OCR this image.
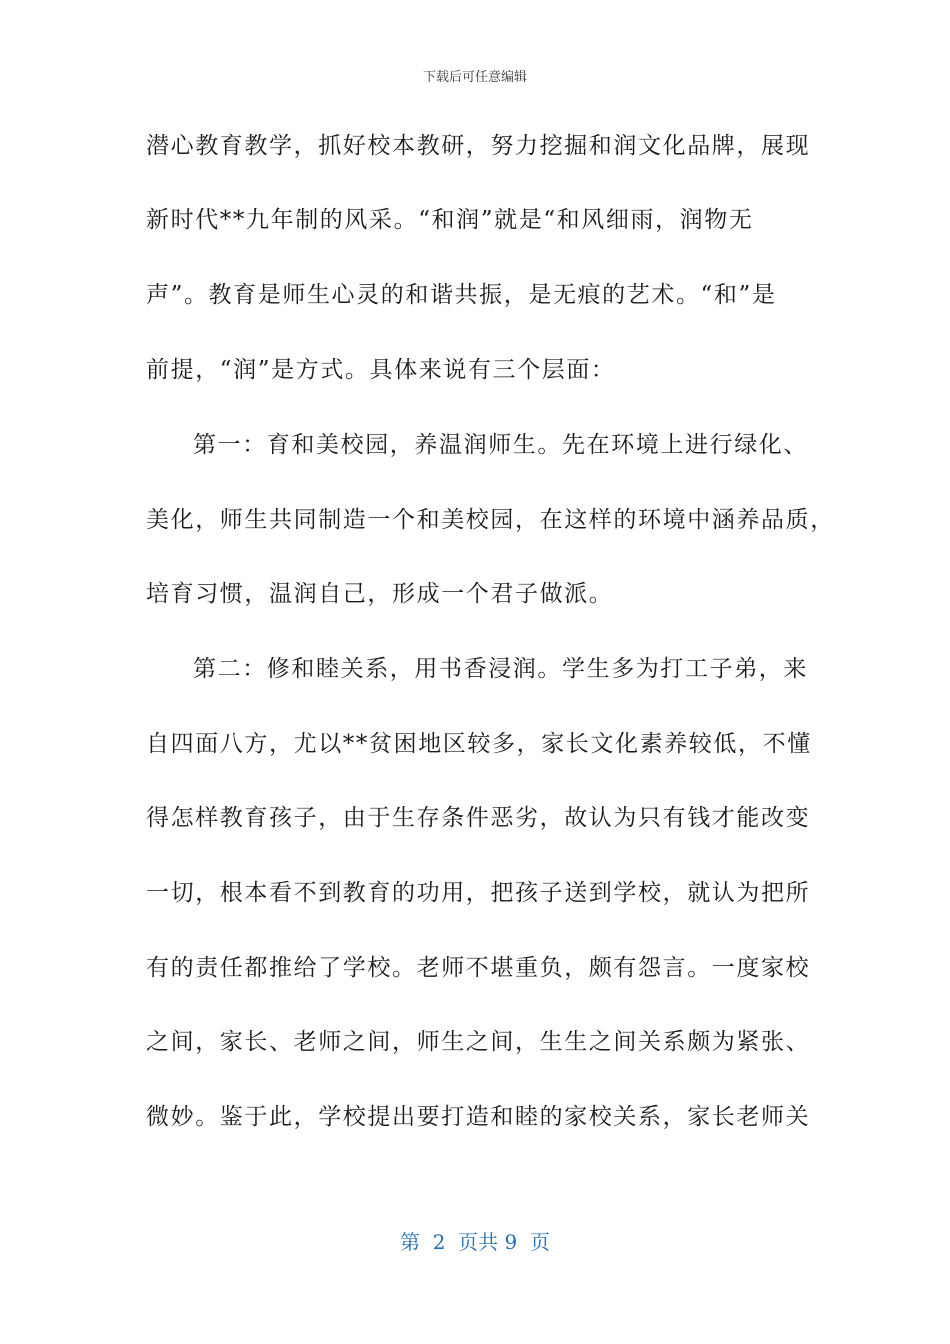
下载后可任意编辑
潜心教育教学，抓好校本教研，努力挖掘和润文化品牌，展现
新时代**九年制的风采。“和润”就是“和风细雨，润物无
声”。教育是师生心灵的和谐共振，是无痕的艺术。“和”是
前提，“润”是方式。具体来说有三个层面：
第一：育和美校园，养温润师生。先在环境上进行绿化、
美化，师生共同制造一个和美校园，在这样的环境中涵养品质，
培育习惯，温润自己，形成一个君子做派。
第二：修和睦关系，用书香浸润。学生多为打工子弟，来
自四面八方，尤以**贫困地区较多，家长文化素养较低，不懂
得怎样教育孩子，由于生存条件恶劣，故认为只有钱才能改变
一切，根本看不到教育的功用，把孩子送到学校，就认为把所
有的责任都推给了学校。老师不堪重负，颇有怨言。一度家校
之间，家长、老师之间，师生之间，生生之间关系颇为紧张、
微妙。鉴于此，学校提出要打造和睦的家校关系，家长老师关
第  2  页共 9  页
